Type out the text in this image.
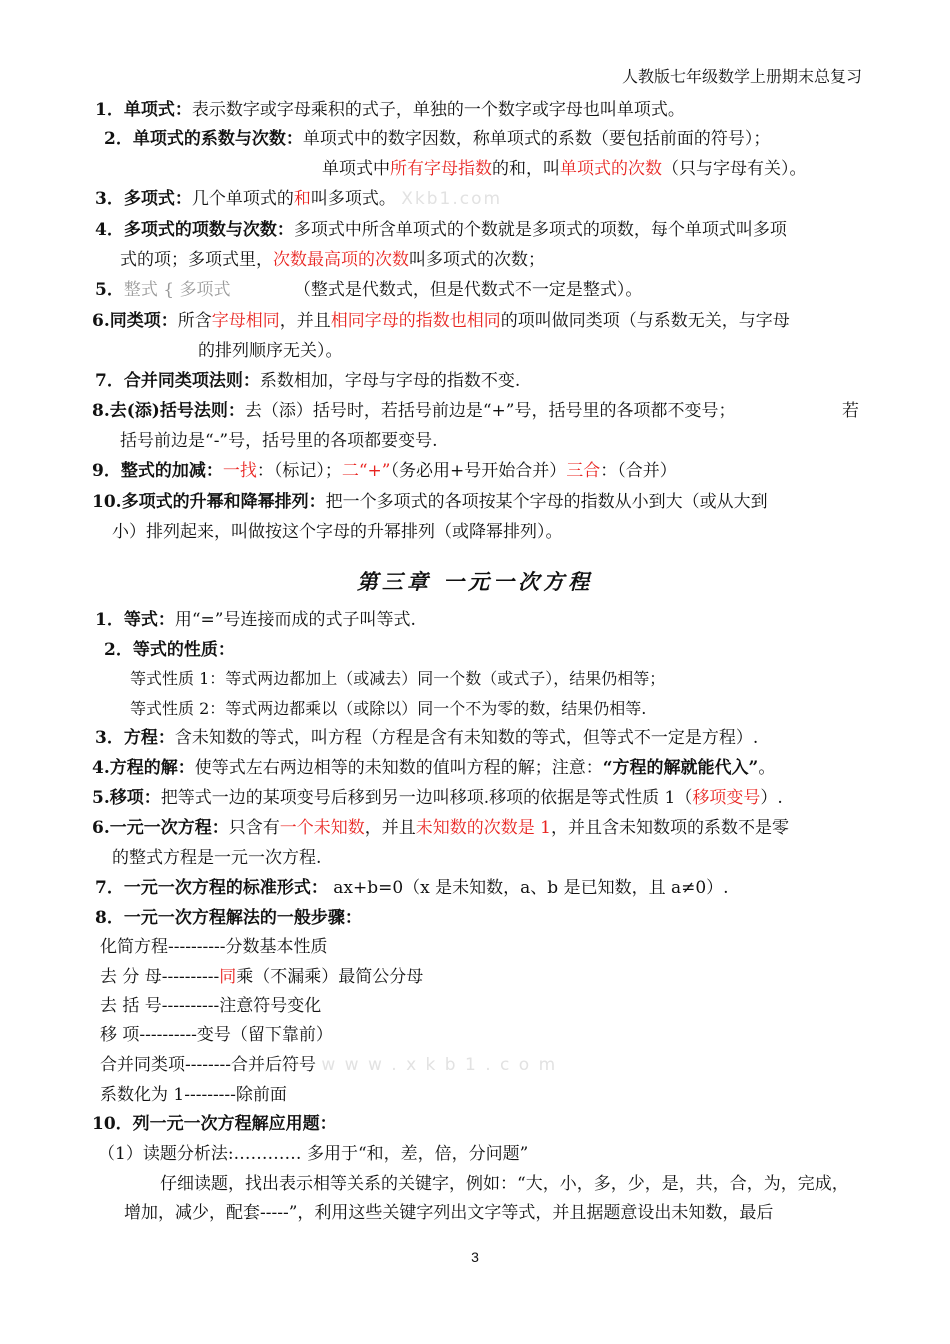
人教版七年级数学上册期末总复习
1．单项式：表示数字或字母乘积的式子，单独的一个数字或字母也叫单项式。
2．单项式的系数与次数：单项式中的数字因数，称单项式的系数（要包括前面的符号）；
单项式中所有字母指数的和，叫单项式的次数（只与字母有关）。
3．多项式：几个单项式的和叫多项式。 Xkb1.com
4．多项式的项数与次数：多项式中所含单项式的个数就是多项式的项数，每个单项式叫多项
式的项；多项式里，次数最高项的次数叫多项式的次数；
5．整式 { 多项式	（整式是代数式，但是代数式不一定是整式）。
6.同类项：所含字母相同，并且相同字母的指数也相同的项叫做同类项（与系数无关，与字母
的排列顺序无关）。
7．合并同类项法则：系数相加，字母与字母的指数不变.
8.去(添)括号法则：去（添）括号时，若括号前边是“+”号，括号里的各项都不变号；	若
括号前边是“-”号，括号里的各项都要变号.
9．整式的加减：一找：（标记）；二“+”（务必用+号开始合并）三合：（合并）
10.多项式的升幂和降幂排列：把一个多项式的各项按某个字母的指数从小到大（或从大到
小）排列起来，叫做按这个字母的升幂排列（或降幂排列）。
第三章 一元一次方程
1．等式：用“=”号连接而成的式子叫等式.
2．等式的性质：
等式性质 1：等式两边都加上（或减去）同一个数（或式子），结果仍相等；
等式性质 2：等式两边都乘以（或除以）同一个不为零的数，结果仍相等.
3．方程：含未知数的等式，叫方程（方程是含有未知数的等式，但等式不一定是方程）.
4.方程的解：使等式左右两边相等的未知数的值叫方程的解；注意：“方程的解就能代入”。
5.移项：把等式一边的某项变号后移到另一边叫移项.移项的依据是等式性质 1（移项变号）.
6.一元一次方程：只含有一个未知数，并且未知数的次数是 1，并且含未知数项的系数不是零
的整式方程是一元一次方程.
7．一元一次方程的标准形式： ax+b=0（x 是未知数，a、b 是已知数，且 a≠0）.
8．一元一次方程解法的一般步骤：
化简方程----------分数基本性质
去 分 母----------同乘（不漏乘）最简公分母
去 括 号----------注意符号变化
移 项----------变号（留下靠前）
合并同类项--------合并后符号 w w w . x k b 1 . c o m
系数化为 1---------除前面
10．列一元一次方程解应用题：
（1）读题分析法:………… 多用于“和，差，倍，分问题”
仔细读题，找出表示相等关系的关键字，例如：“大，小，多，少，是，共，合，为，完成，
增加，减少，配套-----”，利用这些关键字列出文字等式，并且据题意设出未知数，最后
3
